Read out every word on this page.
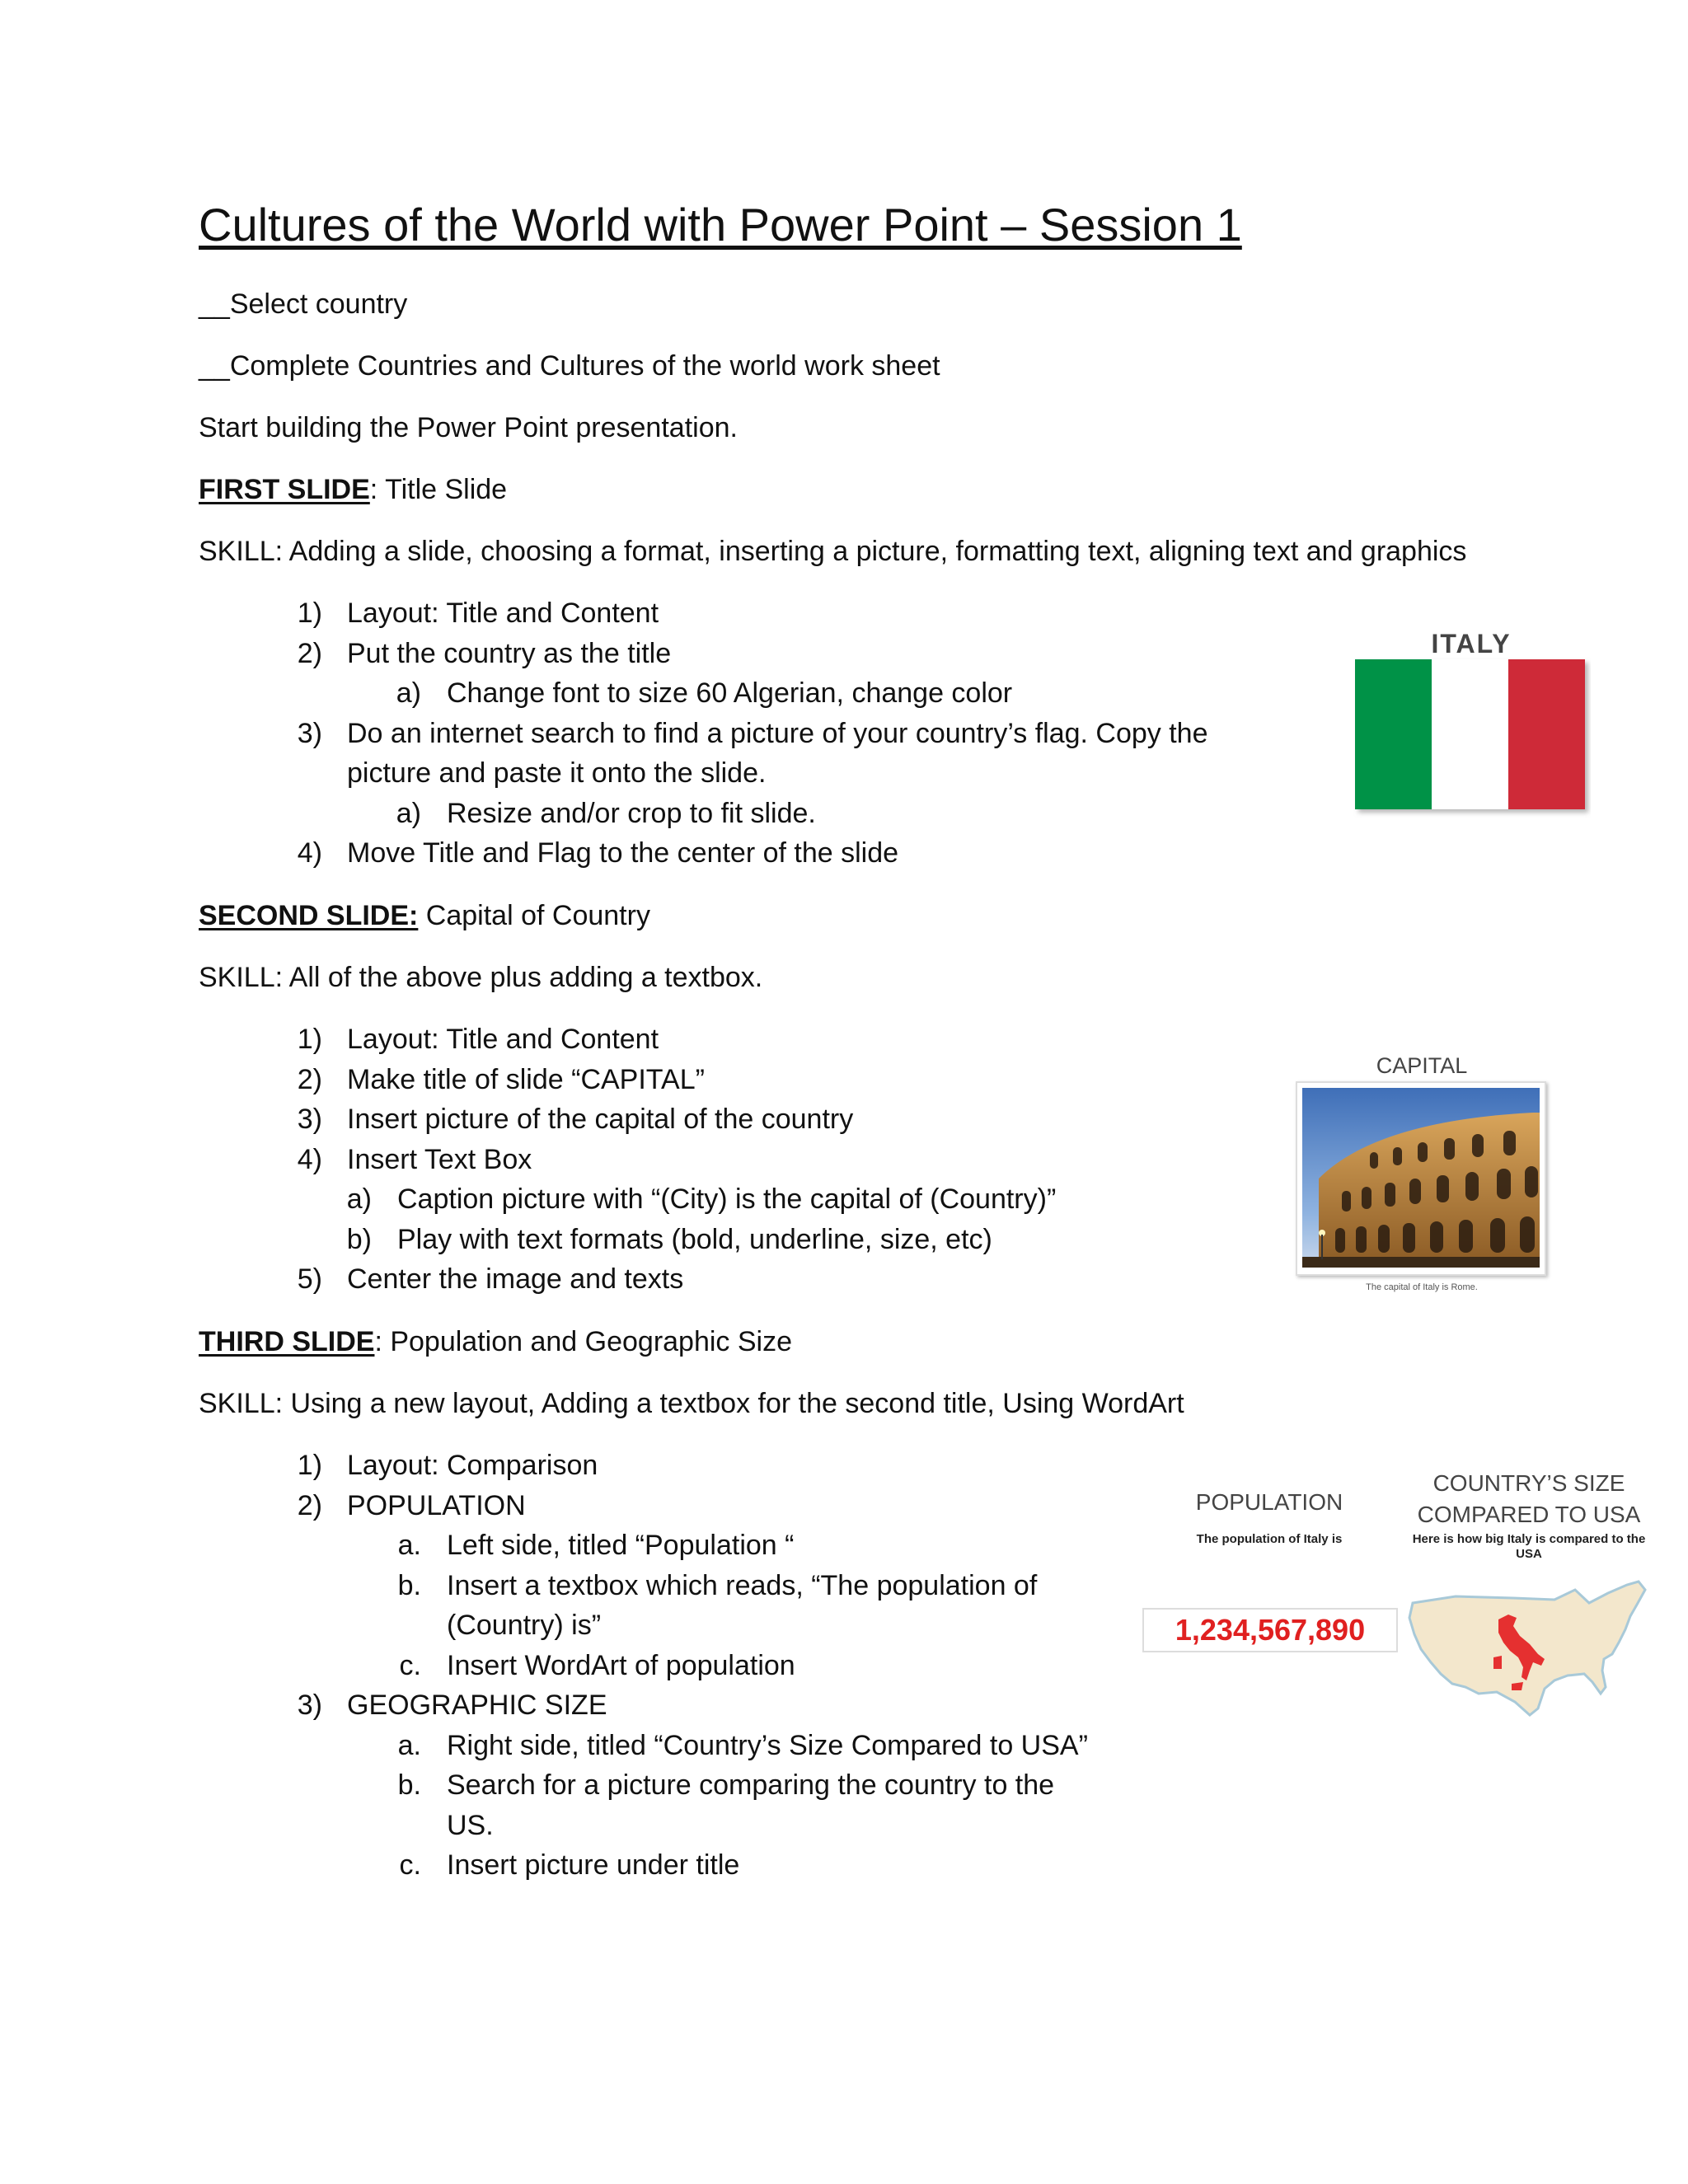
Cultures of the World with Power Point – Session 1
__Select country
__Complete Countries and Cultures of the world work sheet
Start building the Power Point presentation.
FIRST SLIDE: Title Slide
SKILL: Adding a slide, choosing a format, inserting a picture, formatting text, aligning text and graphics
1) Layout: Title and Content
2) Put the country as the title
a) Change font to size 60 Algerian, change color
3) Do an internet search to find a picture of your country’s flag. Copy the
picture and paste it onto the slide.
a) Resize and/or crop to fit slide.
4) Move Title and Flag to the center of the slide
ITALY
SECOND SLIDE: Capital of Country
SKILL: All of the above plus adding a textbox.
1) Layout: Title and Content
2) Make title of slide “CAPITAL”
3) Insert picture of the capital of the country
4) Insert Text Box
a) Caption picture with “(City) is the capital of (Country)”
b) Play with text formats (bold, underline, size, etc)
5) Center the image and texts
CAPITAL
The capital of Italy is Rome.
THIRD SLIDE: Population and Geographic Size
SKILL: Using a new layout, Adding a textbox for the second title, Using WordArt
1) Layout: Comparison
2) POPULATION
a. Left side, titled “Population “
b. Insert a textbox which reads, “The population of
(Country) is”
c. Insert WordArt of population
3) GEOGRAPHIC SIZE
a. Right side, titled “Country’s Size Compared to USA”
b. Search for a picture comparing the country to the
US.
c. Insert picture under title
POPULATION
The population of Italy is
1,234,567,890
COUNTRY’S SIZE
COMPARED TO USA
Here is how big Italy is compared to the
USA
